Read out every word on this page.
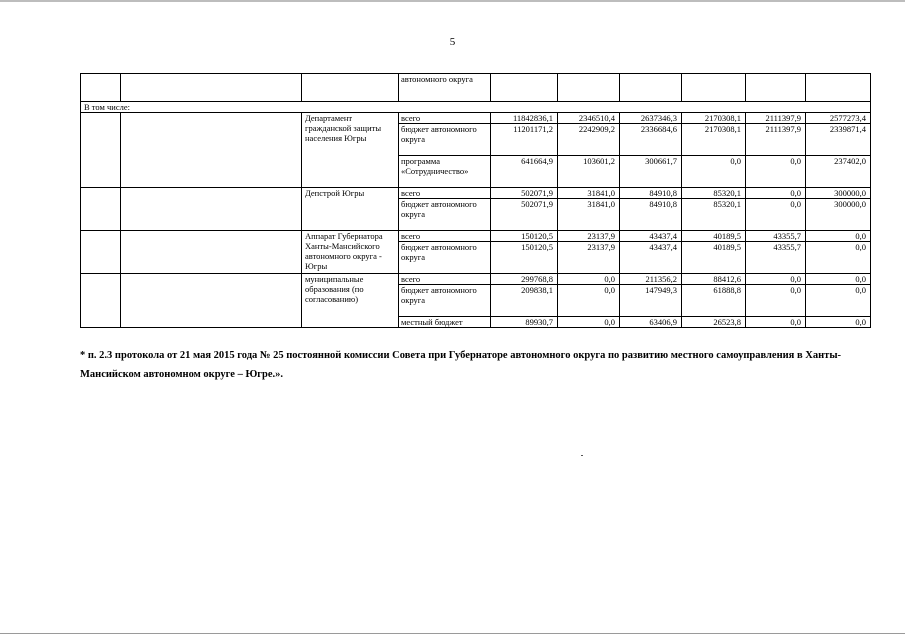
5
			автономного округа						
В том числе:									
		Департамент гражданской защиты населения Югры	всего	11842836,1	2346510,4	2637346,3	2170308,1	2111397,9	2577273,4
			бюджет автономного округа	11201171,2	2242909,2	2336684,6	2170308,1	2111397,9	2339871,4
			программа «Сотрудничество»	641664,9	103601,2	300661,7	0,0	0,0	237402,0
		Депстрой Югры	всего	502071,9	31841,0	84910,8	85320,1	0,0	300000,0
			бюджет автономного округа	502071,9	31841,0	84910,8	85320,1	0,0	300000,0
		Аппарат Губернатора Ханты-Мансийского автономного округа - Югры	всего	150120,5	23137,9	43437,4	40189,5	43355,7	0,0
			бюджет автономного округа	150120,5	23137,9	43437,4	40189,5	43355,7	0,0
		муниципальные образования (по согласованию)	всего	299768,8	0,0	211356,2	88412,6	0,0	0,0
			бюджет автономного округа	209838,1	0,0	147949,3	61888,8	0,0	0,0
			местный бюджет	89930,7	0,0	63406,9	26523,8	0,0	0,0
* п. 2.3 протокола от 21 мая 2015 года № 25 постоянной комиссии Совета при Губернаторе автономного округа по развитию местного самоуправления в Ханты-Мансийском автономном округе – Югре.».
